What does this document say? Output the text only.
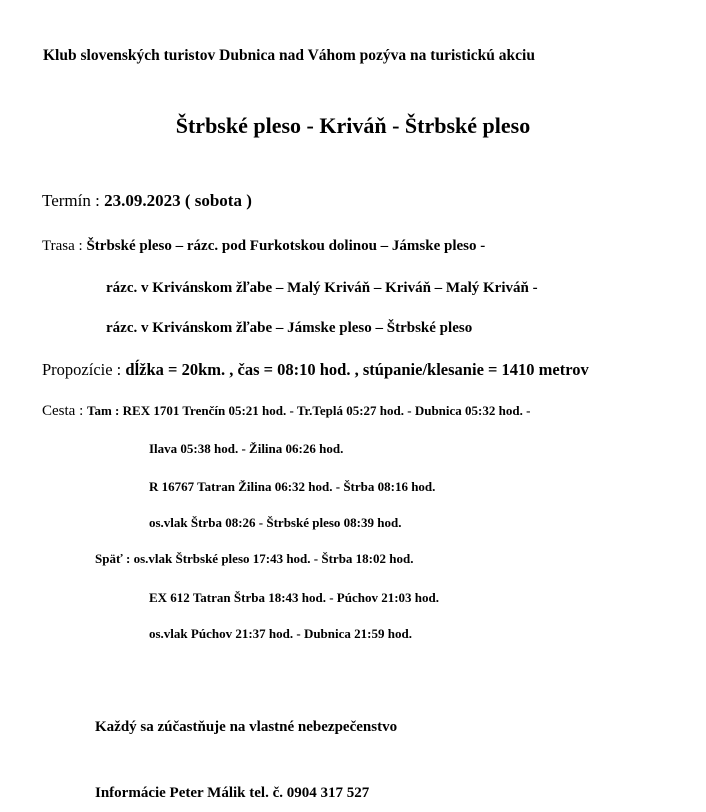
Klub slovenských turistov Dubnica nad Váhom pozýva na turistickú akciu
Štrbské pleso - Kriváň - Štrbské pleso
Termín : 23.09.2023 ( sobota )
Trasa : Štrbské pleso – rázc. pod Furkotskou dolinou – Jámske pleso -
rázc. v Krivánskom žľabe – Malý Kriváň – Kriváň – Malý Kriváň -
rázc. v Krivánskom žľabe – Jámske pleso – Štrbské pleso
Propozície : dĺžka = 20km. , čas = 08:10 hod. , stúpanie/klesanie = 1410 metrov
Cesta : Tam : REX 1701 Trenčín 05:21 hod. - Tr.Teplá 05:27 hod. - Dubnica 05:32 hod. -
Ilava 05:38 hod. - Žilina 06:26 hod.
R 16767 Tatran Žilina 06:32 hod. - Štrba 08:16 hod.
os.vlak Štrba 08:26 - Štrbské pleso 08:39 hod.
Späť : os.vlak Štrbské pleso 17:43 hod. - Štrba 18:02 hod.
EX 612 Tatran Štrba 18:43 hod. - Púchov 21:03 hod.
os.vlak Púchov 21:37 hod. - Dubnica 21:59 hod.
Každý sa zúčastňuje na vlastné nebezpečenstvo
Informácie Peter Málik tel. č. 0904 317 527
